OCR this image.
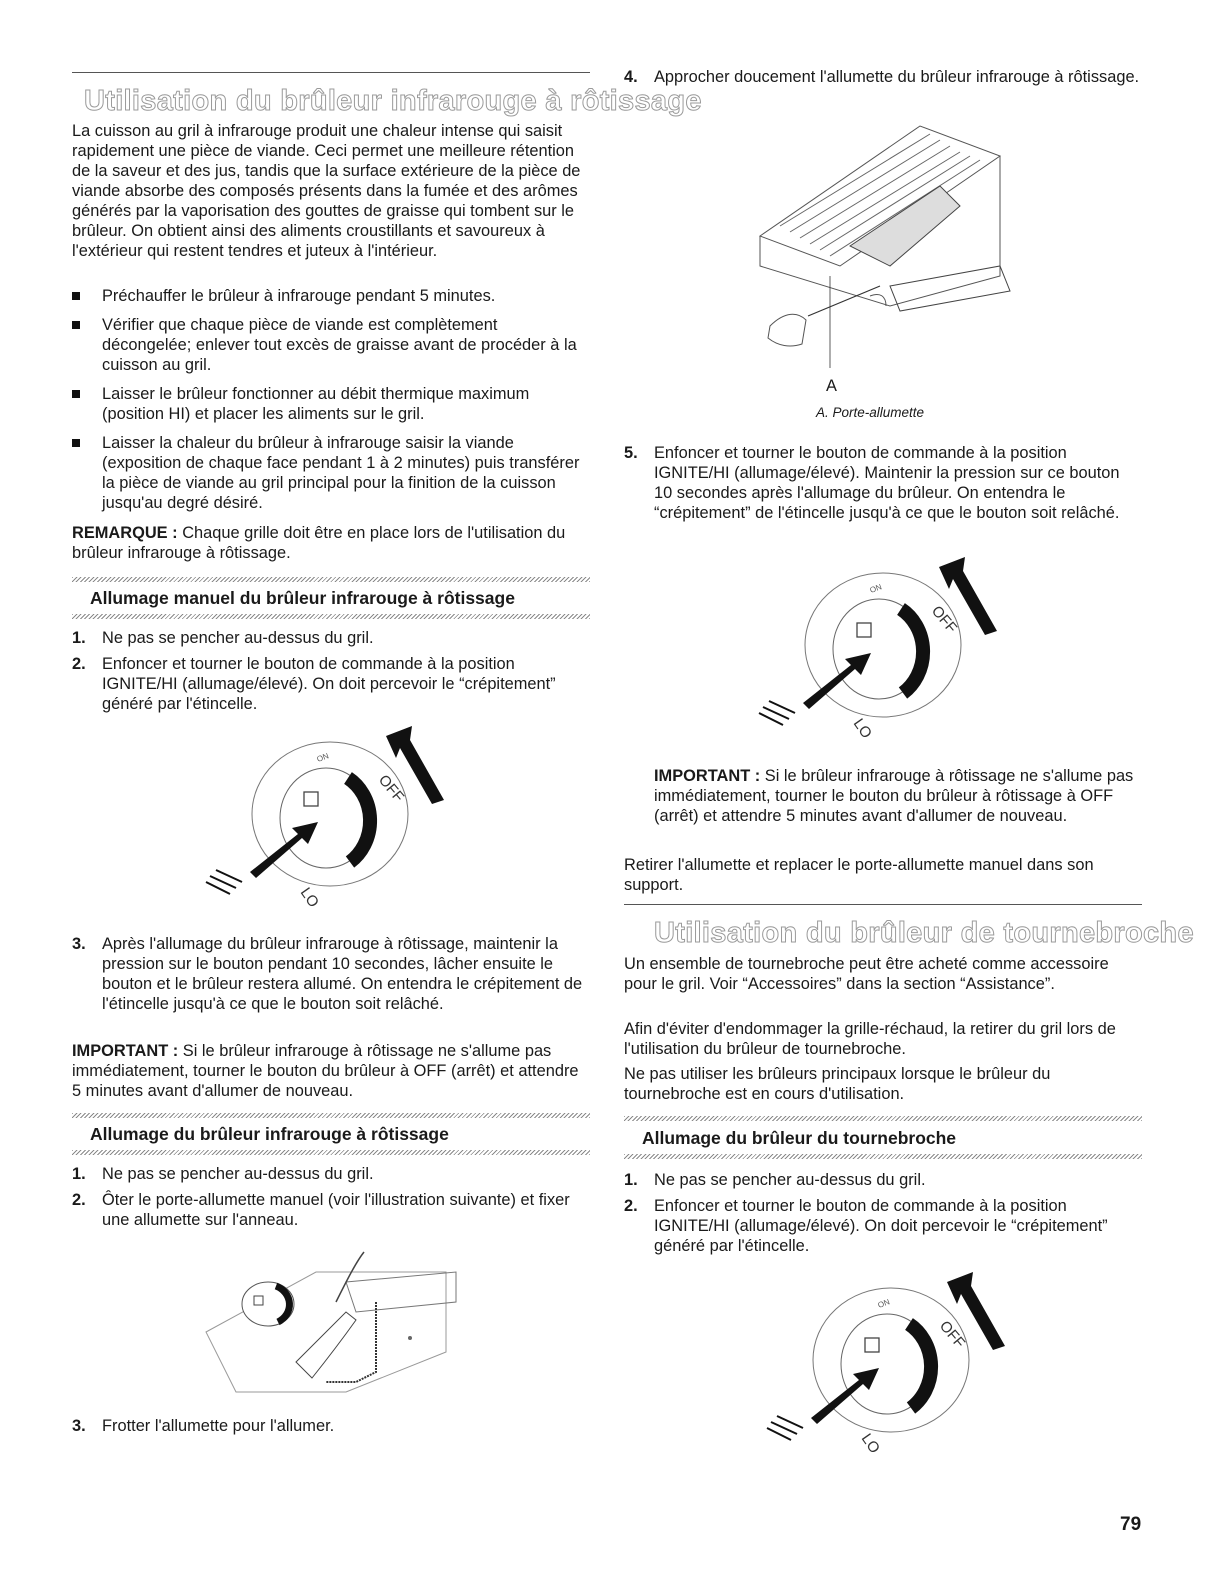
Utilisation du brûleur infrarouge à rôtissage

La cuisson au gril à infrarouge produit une chaleur intense qui saisit rapidement une pièce de viande. Ceci permet une meilleure rétention de la saveur et des jus, tandis que la surface extérieure de la pièce de viande absorbe des composés présents dans la fumée et des arômes générés par la vaporisation des gouttes de graisse qui tombent sur le brûleur. On obtient ainsi des aliments croustillants et savoureux à l'extérieur qui restent tendres et juteux à l'intérieur.

Préchauffer le brûleur à infrarouge pendant 5 minutes.
Vérifier que chaque pièce de viande est complètement décongelée; enlever tout excès de graisse avant de procéder à la cuisson au gril.
Laisser le brûleur fonctionner au débit thermique maximum (position HI) et placer les aliments sur le gril.
Laisser la chaleur du brûleur à infrarouge saisir la viande (exposition de chaque face pendant 1 à 2 minutes) puis transférer la pièce de viande au gril principal pour la finition de la cuisson jusqu'au degré désiré.

REMARQUE : Chaque grille doit être en place lors de l'utilisation du brûleur infrarouge à rôtissage.

Allumage manuel du brûleur infrarouge à rôtissage
1. Ne pas se pencher au-dessus du gril.
2. Enfoncer et tourner le bouton de commande à la position IGNITE/HI (allumage/élevé). On doit percevoir le “crépitement” généré par l'étincelle.
OFF
LO
ON
3. Après l'allumage du brûleur infrarouge à rôtissage, maintenir la pression sur le bouton pendant 10 secondes, lâcher ensuite le bouton et le brûleur restera allumé. On entendra le crépitement de l'étincelle jusqu'à ce que le bouton soit relâché.

IMPORTANT : Si le brûleur infrarouge à rôtissage ne s'allume pas immédiatement, tourner le bouton du brûleur à OFF (arrêt) et attendre 5 minutes avant d'allumer de nouveau.

Allumage du brûleur infrarouge à rôtissage
1. Ne pas se pencher au-dessus du gril.
2. Ôter le porte-allumette manuel (voir l'illustration suivante) et fixer une allumette sur l'anneau.
3. Frotter l'allumette pour l'allumer.
4. Approcher doucement l'allumette du brûleur infrarouge à rôtissage.
A
A. Porte-allumette
5. Enfoncer et tourner le bouton de commande à la position IGNITE/HI (allumage/élevé). Maintenir la pression sur ce bouton 10 secondes après l'allumage du brûleur. On entendra le “crépitement” de l'étincelle jusqu'à ce que le bouton soit relâché.
OFF
LO
ON

IMPORTANT : Si le brûleur infrarouge à rôtissage ne s'allume pas immédiatement, tourner le bouton du brûleur à rôtissage à OFF (arrêt) et attendre 5 minutes avant d'allumer de nouveau.

Retirer l'allumette et replacer le porte-allumette manuel dans son support.

Utilisation du brûleur de tournebroche

Un ensemble de tournebroche peut être acheté comme accessoire pour le gril. Voir “Accessoires” dans la section “Assistance”.

Afin d'éviter d'endommager la grille-réchaud, la retirer du gril lors de l'utilisation du brûleur de tournebroche.

Ne pas utiliser les brûleurs principaux lorsque le brûleur du tournebroche est en cours d'utilisation.

Allumage du brûleur du tournebroche
1. Ne pas se pencher au-dessus du gril.
2. Enfoncer et tourner le bouton de commande à la position IGNITE/HI (allumage/élevé). On doit percevoir le “crépitement” généré par l'étincelle.
OFF
LO
ON
79
